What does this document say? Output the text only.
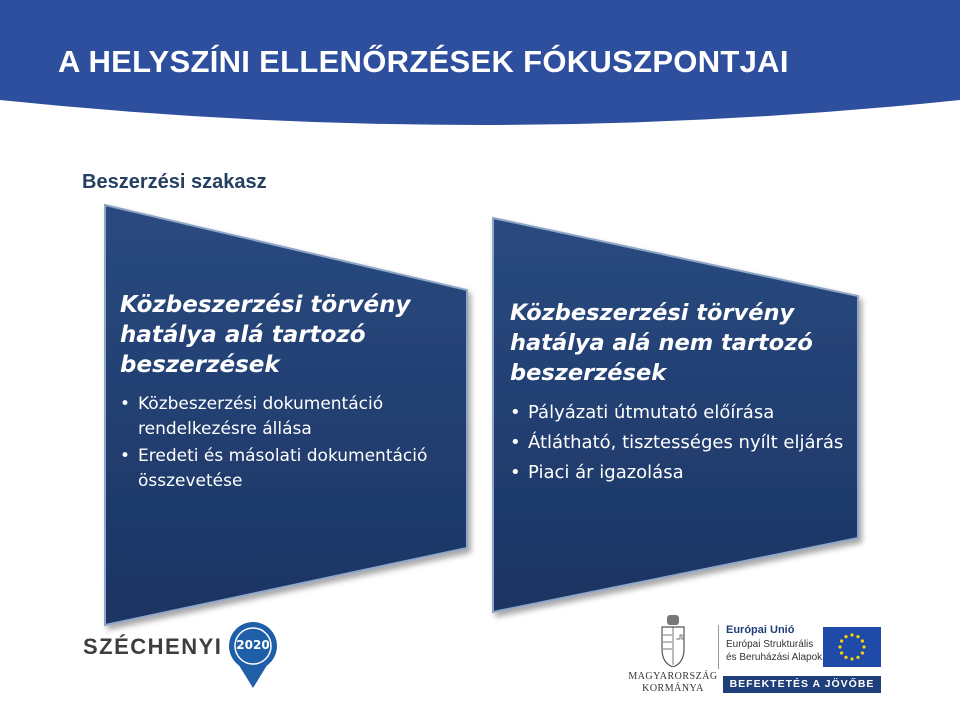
A HELYSZÍNI ELLENŐRZÉSEK FÓKUSZPONTJAI
Beszerzési szakasz

Közbeszerzési törvény hatálya alá tartozó beszerzések

• Közbeszerzési dokumentáció rendelkezésre állása
• Eredeti és másolati dokumentáció összevetése

Közbeszerzési törvény hatálya alá nem tartozó beszerzések

• Pályázati útmutató előírása
• Átlátható, tisztességes nyílt eljárás
• Piaci ár igazolása
SZÉCHENYI 2020
MAGYARORSZÁG
KORMÁNYA
Európai Unió
Európai Strukturális
és Beruházási Alapok
BEFEKTETÉS A JÖVŐBE
